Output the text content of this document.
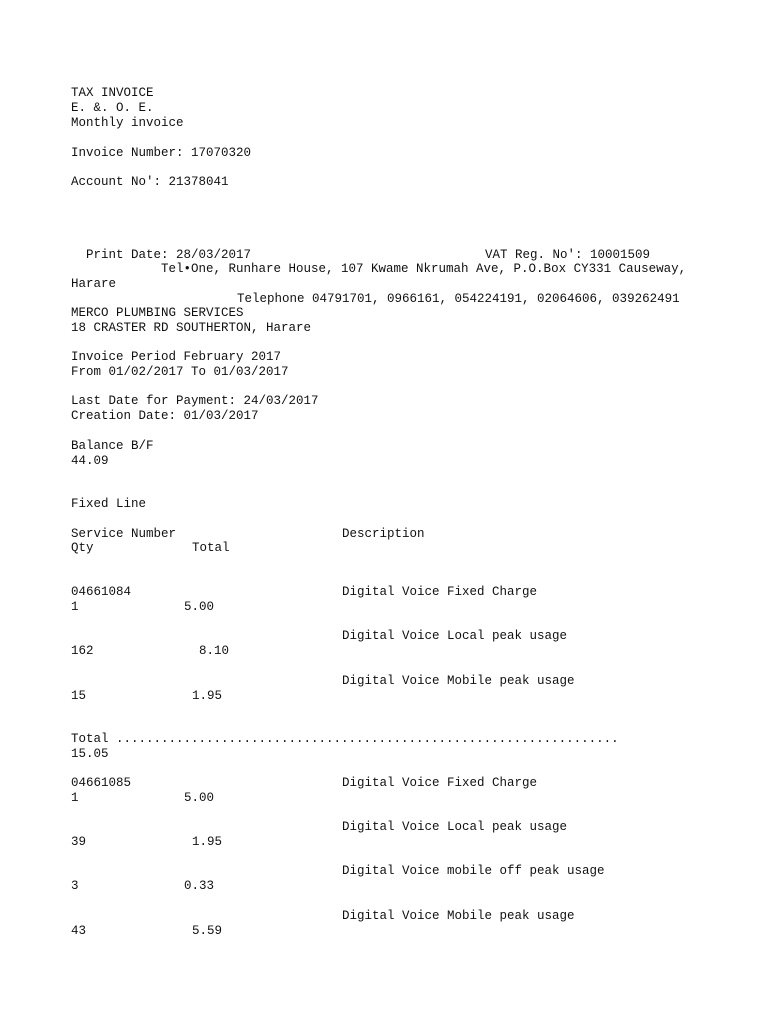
TAX INVOICE
E. &. O. E.
Monthly invoice
Invoice Number: 17070320
Account No': 21378041
Print Date: 28/03/2017	VAT Reg. No': 10001509
Tel•One, Runhare House, 107 Kwame Nkrumah Ave, P.O.Box CY331 Causeway,
Harare
Telephone 04791701, 0966161, 054224191, 02064606, 039262491
MERCO PLUMBING SERVICES
18 CRASTER RD SOUTHERTON, Harare
Invoice Period February 2017
From 01/02/2017 To 01/03/2017
Last Date for Payment: 24/03/2017
Creation Date: 01/03/2017
Balance B/F
44.09
Fixed Line
Service Number	Description
Qty	Total
04661084	Digital Voice Fixed Charge
1	5.00
Digital Voice Local peak usage
162	8.10
Digital Voice Mobile peak usage
15	1.95
Total ...................................................................
15.05
04661085	Digital Voice Fixed Charge
1	5.00
Digital Voice Local peak usage
39	1.95
Digital Voice mobile off peak usage
3	0.33
Digital Voice Mobile peak usage
43	5.59
